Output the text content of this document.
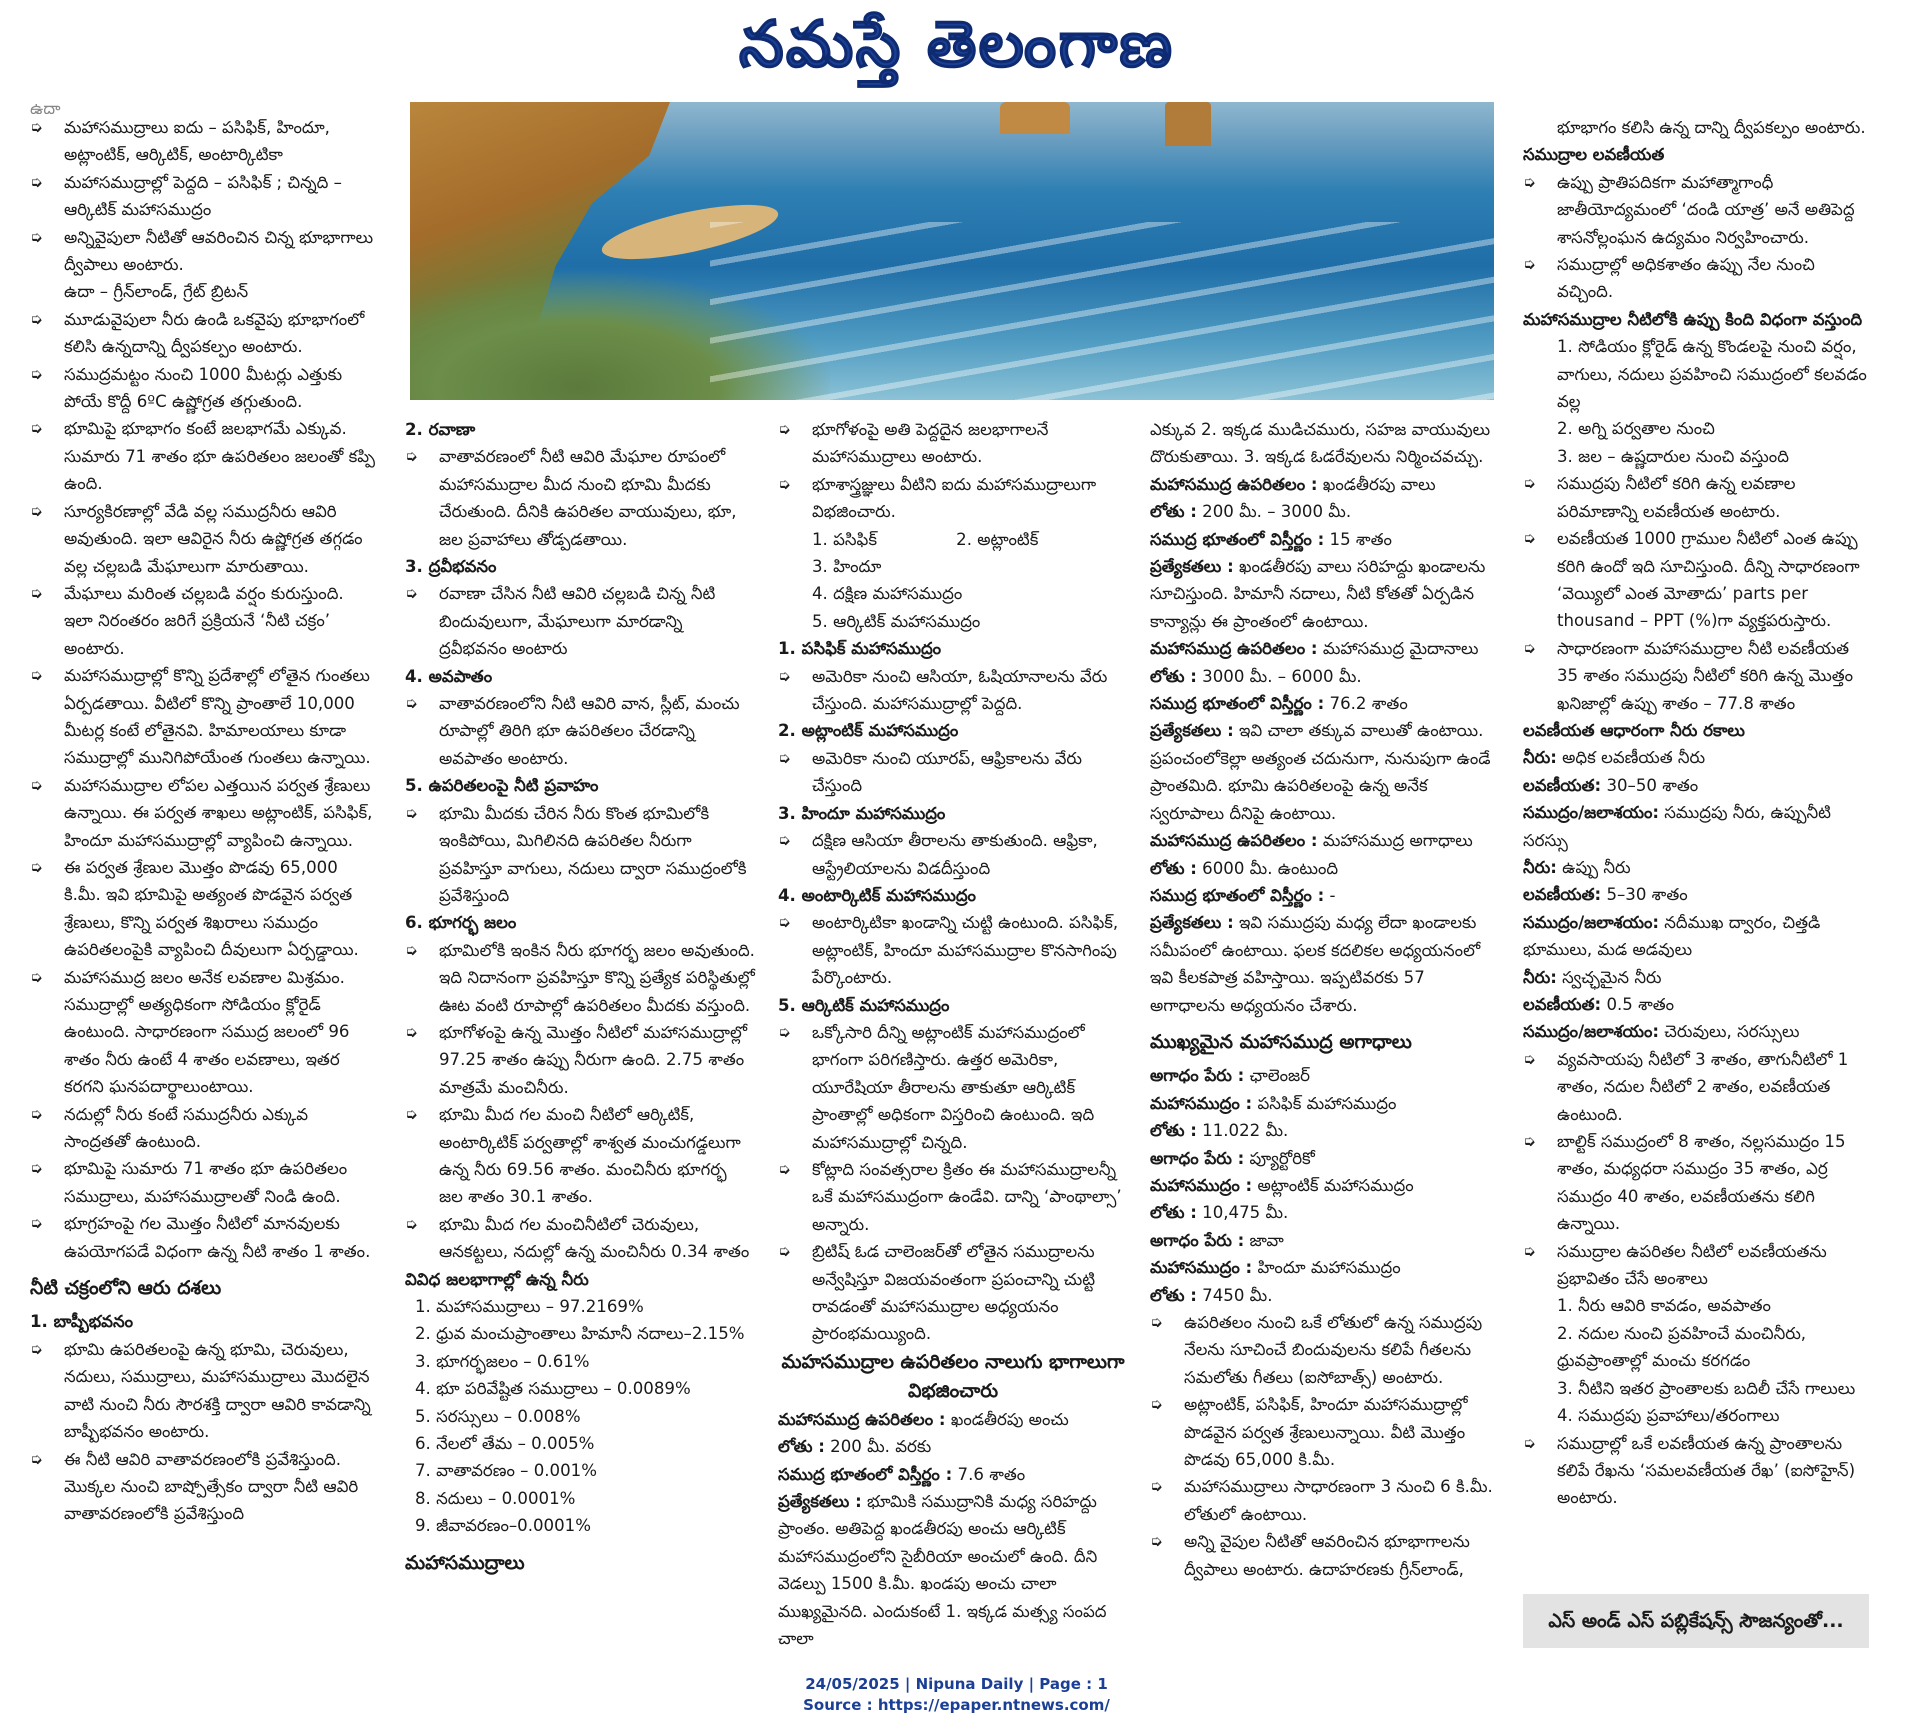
నమస్తే తెలంగాణ

ఉదా

➭ మహాసముద్రాలు ఐదు – పసిఫిక్, హిందూ, అట్లాంటిక్, ఆర్కిటిక్, అంటార్కిటికా

➭ మహాసముద్రాల్లో పెద్దది – పసిఫిక్ ; చిన్నది – ఆర్కిటిక్ మహాసముద్రం

➭ అన్నివైపులా నీటితో ఆవరించిన చిన్న భూభాగాలు ద్వీపాలు అంటారు.

ఉదా – గ్రీన్‌లాండ్, గ్రేట్ బ్రిటన్

➭ మూడువైపులా నీరు ఉండి ఒకవైపు భూభాగంలో కలిసి ఉన్నదాన్ని ద్వీపకల్పం అంటారు.

➭ సముద్రమట్టం నుంచి 1000 మీటర్లు ఎత్తుకు పోయే కొద్దీ 6ºC ఉష్ణోగ్రత తగ్గుతుంది.

➭ భూమిపై భూభాగం కంటే జలభాగమే ఎక్కువ. సుమారు 71 శాతం భూ ఉపరితలం జలంతో కప్పి ఉంది.

➭ సూర్యకిరణాల్లో వేడి వల్ల సముద్రనీరు ఆవిరి అవుతుంది. ఇలా ఆవిరైన నీరు ఉష్ణోగ్రత తగ్గడం వల్ల చల్లబడి మేఘాలుగా మారుతాయి.

➭ మేఘాలు మరింత చల్లబడి వర్షం కురుస్తుంది. ఇలా నిరంతరం జరిగే ప్రక్రియనే ‘నీటి చక్రం’ అంటారు.

➭ మహాసముద్రాల్లో కొన్ని ప్రదేశాల్లో లోతైన గుంతలు ఏర్పడతాయి. వీటిలో కొన్ని ప్రాంతాలే 10,000 మీటర్ల కంటే లోతైనవి. హిమాలయాలు కూడా సముద్రాల్లో మునిగిపోయేంత గుంతలు ఉన్నాయి.

➭ మహాసముద్రాల లోపల ఎత్తయిన పర్వత శ్రేణులు ఉన్నాయి. ఈ పర్వత శాఖలు అట్లాంటిక్, పసిఫిక్, హిందూ మహాసముద్రాల్లో వ్యాపించి ఉన్నాయి.

➭ ఈ పర్వత శ్రేణుల మొత్తం పొడవు 65,000 కి.మీ. ఇవి భూమిపై అత్యంత పొడవైన పర్వత శ్రేణులు, కొన్ని పర్వత శిఖరాలు సముద్రం ఉపరితలంపైకి వ్యాపించి దీవులుగా ఏర్పడ్డాయి.

➭ మహాసముద్ర జలం అనేక లవణాల మిశ్రమం. సముద్రాల్లో అత్యధికంగా సోడియం క్లోరైడ్ ఉంటుంది. సాధారణంగా సముద్ర జలంలో 96 శాతం నీరు ఉంటే 4 శాతం లవణాలు, ఇతర కరగని ఘనపదార్థాలుంటాయి.

➭ నదుల్లో నీరు కంటే సముద్రనీరు ఎక్కువ సాంద్రతతో ఉంటుంది.

➭ భూమిపై సుమారు 71 శాతం భూ ఉపరితలం సముద్రాలు, మహాసముద్రాలతో నిండి ఉంది.

➭ భూగ్రహంపై గల మొత్తం నీటిలో మానవులకు ఉపయోగపడే విధంగా ఉన్న నీటి శాతం 1 శాతం.

నీటి చక్రంలోని ఆరు దశలు

1. బాష్పీభవనం

➭ భూమి ఉపరితలంపై ఉన్న భూమి, చెరువులు, నదులు, సముద్రాలు, మహాసముద్రాలు మొదలైన వాటి నుంచి నీరు సౌరశక్తి ద్వారా ఆవిరి కావడాన్ని బాష్పీభవనం అంటారు.

➭ ఈ నీటి ఆవిరి వాతావరణంలోకి ప్రవేశిస్తుంది. మొక్కల నుంచి బాష్పోత్సేకం ద్వారా నీటి ఆవిరి వాతావరణంలోకి ప్రవేశిస్తుంది

2. రవాణా

➭ వాతావరణంలో నీటి ఆవిరి మేఘాల రూపంలో మహాసముద్రాల మీద నుంచి భూమి మీదకు చేరుతుంది. దీనికి ఉపరితల వాయువులు, భూ, జల ప్రవాహాలు తోడ్పడతాయి.

3. ద్రవీభవనం

➭ రవాణా చేసిన నీటి ఆవిరి చల్లబడి చిన్న నీటి బిందువులుగా, మేఘాలుగా మారడాన్ని ద్రవీభవనం అంటారు

4. అవపాతం

➭ వాతావరణంలోని నీటి ఆవిరి వాన, స్లీట్, మంచు రూపాల్లో తిరిగి భూ ఉపరితలం చేరడాన్ని అవపాతం అంటారు.

5. ఉపరితలంపై నీటి ప్రవాహం

➭ భూమి మీదకు చేరిన నీరు కొంత భూమిలోకి ఇంకిపోయి, మిగిలినది ఉపరితల నీరుగా ప్రవహిస్తూ వాగులు, నదులు ద్వారా సముద్రంలోకి ప్రవేశిస్తుంది

6. భూగర్భ జలం

➭ భూమిలోకి ఇంకిన నీరు భూగర్భ జలం అవుతుంది. ఇది నిదానంగా ప్రవహిస్తూ కొన్ని ప్రత్యేక పరిస్థితుల్లో ఊట వంటి రూపాల్లో ఉపరితలం మీదకు వస్తుంది.

➭ భూగోళంపై ఉన్న మొత్తం నీటిలో మహాసముద్రాల్లో 97.25 శాతం ఉప్పు నీరుగా ఉంది. 2.75 శాతం మాత్రమే మంచినీరు.

➭ భూమి మీద గల మంచి నీటిలో ఆర్కిటిక్, అంటార్కిటిక్ పర్వతాల్లో శాశ్వత మంచుగడ్డలుగా ఉన్న నీరు 69.56 శాతం. మంచినీరు భూగర్భ జల శాతం 30.1 శాతం.

➭ భూమి మీద గల మంచినీటిలో చెరువులు, ఆనకట్టలు, నదుల్లో ఉన్న మంచినీరు 0.34 శాతం

వివిధ జలభాగాల్లో ఉన్న నీరు

1. మహాసముద్రాలు – 97.2169%

2. ధ్రువ మంచుప్రాంతాలు హిమానీ నదాలు–2.15%

3. భూగర్భజలం – 0.61%

4. భూ పరివేష్టిత సముద్రాలు – 0.0089%

5. సరస్సులు – 0.008%

6. నేలలో తేమ – 0.005%

7. వాతావరణం – 0.001%

8. నదులు – 0.0001%

9. జీవావరణం–0.0001%

మహాసముద్రాలు

➭ భూగోళంపై అతి పెద్దదైన జలభాగాలనే మహాసముద్రాలు అంటారు.

➭ భూశాస్త్రజ్ఞులు వీటిని ఐదు మహాసముద్రాలుగా విభజించారు.

1. పసిఫిక్               2. అట్లాంటిక్

3. హిందూ

4. దక్షిణ మహాసముద్రం

5. ఆర్కిటిక్ మహాసముద్రం

1. పసిఫిక్ మహాసముద్రం

➭ అమెరికా నుంచి ఆసియా, ఓషియానాలను వేరు చేస్తుంది. మహాసముద్రాల్లో పెద్దది.

2. అట్లాంటిక్ మహాసముద్రం

➭ అమెరికా నుంచి యూరప్, ఆఫ్రికాలను వేరు చేస్తుంది

3. హిందూ మహాసముద్రం

➭ దక్షిణ ఆసియా తీరాలను తాకుతుంది. ఆఫ్రికా, ఆస్ట్రేలియాలను విడదీస్తుంది

4. అంటార్కిటిక్ మహాసముద్రం

➭ అంటార్కిటికా ఖండాన్ని చుట్టి ఉంటుంది. పసిఫిక్, అట్లాంటిక్, హిందూ మహాసముద్రాల కొనసాగింపు పేర్కొంటారు.

5. ఆర్కిటిక్ మహాసముద్రం

➭ ఒక్కోసారి దీన్ని అట్లాంటిక్ మహాసముద్రంలో భాగంగా పరిగణిస్తారు. ఉత్తర అమెరికా, యూరేషియా తీరాలను తాకుతూ ఆర్కిటిక్ ప్రాంతాల్లో అధికంగా విస్తరించి ఉంటుంది. ఇది మహాసముద్రాల్లో చిన్నది.

➭ కోట్లాది సంవత్సరాల క్రితం ఈ మహాసముద్రాలన్నీ ఒకే మహాసముద్రంగా ఉండేవి. దాన్ని ‘పాంథాల్సా’ అన్నారు.

➭ బ్రిటిష్ ఓడ చాలెంజర్‌తో లోతైన సముద్రాలను అన్వేషిస్తూ విజయవంతంగా ప్రపంచాన్ని చుట్టి రావడంతో మహాసముద్రాల అధ్యయనం ప్రారంభమయ్యింది.

మహసముద్రాల ఉపరితలం నాలుగు భాగాలుగా విభజించారు

మహాసముద్ర ఉపరితలం : ఖండతీరపు అంచు

లోతు : 200 మీ. వరకు

సముద్ర భూతంలో విస్తీర్ణం : 7.6 శాతం

ప్రత్యేకతలు : భూమికి సముద్రానికి మధ్య సరిహద్దు ప్రాంతం. అతిపెద్ద ఖండతీరపు అంచు ఆర్కిటిక్ మహాసముద్రంలోని సైబీరియా అంచులో ఉంది. దీని వెడల్పు 1500 కి.మీ. ఖండపు అంచు చాలా ముఖ్యమైనది. ఎందుకంటే 1. ఇక్కడ మత్స్య సంపద చాలా

ఎక్కువ 2. ఇక్కడ ముడిచమురు, సహజ వాయువులు దొరుకుతాయి. 3. ఇక్కడ ఓడరేవులను నిర్మించవచ్చు.

మహాసముద్ర ఉపరితలం : ఖండతీరపు వాలు

లోతు : 200 మీ. – 3000 మీ.

సముద్ర భూతంలో విస్తీర్ణం : 15 శాతం

ప్రత్యేకతలు : ఖండతీరపు వాలు సరిహద్దు ఖండాలను సూచిస్తుంది. హిమానీ నదాలు, నీటి కోతతో ఏర్పడిన కాన్యాన్లు ఈ ప్రాంతంలో ఉంటాయి.

మహాసముద్ర ఉపరితలం : మహాసముద్ర మైదానాలు

లోతు : 3000 మీ. – 6000 మీ.

సముద్ర భూతంలో విస్తీర్ణం : 76.2 శాతం

ప్రత్యేకతలు : ఇవి చాలా తక్కువ వాలుతో ఉంటాయి. ప్రపంచంలోకెల్లా అత్యంత చదునుగా, నునుపుగా ఉండే ప్రాంతమిది. భూమి ఉపరితలంపై ఉన్న అనేక స్వరూపాలు దీనిపై ఉంటాయి.

మహాసముద్ర ఉపరితలం : మహాసముద్ర అగాధాలు

లోతు : 6000 మీ. ఉంటుంది

సముద్ర భూతంలో విస్తీర్ణం : -

ప్రత్యేకతలు : ఇవి సముద్రపు మధ్య లేదా ఖండాలకు సమీపంలో ఉంటాయి. ఫలక కదలికల అధ్యయనంలో ఇవి కీలకపాత్ర వహిస్తాయి. ఇప్పటివరకు 57 అగాధాలను అధ్యయనం చేశారు.

ముఖ్యమైన మహాసముద్ర అగాధాలు

అగాధం పేరు : ఛాలెంజర్

మహాసముద్రం : పసిఫిక్ మహాసముద్రం

లోతు : 11.022 మీ.

అగాధం పేరు : ప్యూర్టోరికో

మహాసముద్రం : అట్లాంటిక్ మహాసముద్రం

లోతు : 10,475 మీ.

అగాధం పేరు : జావా

మహాసముద్రం : హిందూ మహాసముద్రం

లోతు : 7450 మీ.

➭ ఉపరితలం నుంచి ఒకే లోతులో ఉన్న సముద్రపు నేలను సూచించే బిందువులను కలిపే గీతలను సమలోతు గీతలు (ఐసోబాత్స్) అంటారు.

➭ అట్లాంటిక్, పసిఫిక్, హిందూ మహాసముద్రాల్లో పొడవైన పర్వత శ్రేణులున్నాయి. వీటి మొత్తం పొడవు 65,000 కి.మీ.

➭ మహాసముద్రాలు సాధారణంగా 3 నుంచి 6 కి.మీ. లోతులో ఉంటాయి.

➭ అన్ని వైపుల నీటితో ఆవరించిన భూభాగాలను ద్వీపాలు అంటారు. ఉదాహరణకు గ్రీన్‌లాండ్,

భూభాగం కలిసి ఉన్న దాన్ని ద్వీపకల్పం అంటారు.

సముద్రాల లవణీయత

➭ ఉప్పు ప్రాతిపదికగా మహాత్మాగాంధీ జాతీయోద్యమంలో ‘దండి యాత్ర’ అనే అతిపెద్ద శాసనోల్లంఘన ఉద్యమం నిర్వహించారు.

➭ సముద్రాల్లో అధికశాతం ఉప్పు నేల నుంచి వచ్చింది.

మహాసముద్రాల నీటిలోకి ఉప్పు కింది విధంగా వస్తుంది

1. సోడియం క్లోరైడ్ ఉన్న కొండలపై నుంచి వర్షం, వాగులు, నదులు ప్రవహించి సముద్రంలో కలవడం వల్ల

2. అగ్ని పర్వతాల నుంచి

3. జల – ఉష్ణదారుల నుంచి వస్తుంది

➭ సముద్రపు నీటిలో కరిగి ఉన్న లవణాల పరిమాణాన్ని లవణీయత అంటారు.

➭ లవణీయత 1000 గ్రాముల నీటిలో ఎంత ఉప్పు కరిగి ఉందో ఇది సూచిస్తుంది. దీన్ని సాధారణంగా ‘వెయ్యిలో ఎంత మోతాదు’ parts per thousand – PPT (%)గా వ్యక్తపరుస్తారు.

➭ సాధారణంగా మహాసముద్రాల నీటి లవణీయత 35 శాతం సముద్రపు నీటిలో కరిగి ఉన్న మొత్తం ఖనిజాల్లో ఉప్పు శాతం – 77.8 శాతం

లవణీయత ఆధారంగా నీరు రకాలు

నీరు: అధిక లవణీయత నీరు

లవణీయత: 30–50 శాతం

సముద్రం/జలాశయం: సముద్రపు నీరు, ఉప్పునీటి సరస్సు

నీరు: ఉప్పు నీరు

లవణీయత: 5–30 శాతం

సముద్రం/జలాశయం: నదీముఖ ద్వారం, చిత్తడి భూములు, మడ అడవులు

నీరు: స్వచ్ఛమైన నీరు

లవణీయత: 0.5 శాతం

సముద్రం/జలాశయం: చెరువులు, సరస్సులు

➭ వ్యవసాయపు నీటిలో 3 శాతం, తాగునీటిలో 1 శాతం, నదుల నీటిలో 2 శాతం, లవణీయత ఉంటుంది.

➭ బాల్టిక్ సముద్రంలో 8 శాతం, నల్లసముద్రం 15 శాతం, మధ్యధరా సముద్రం 35 శాతం, ఎర్ర సముద్రం 40 శాతం, లవణీయతను కలిగి ఉన్నాయి.

➭ సముద్రాల ఉపరితల నీటిలో లవణీయతను ప్రభావితం చేసే అంశాలు

1. నీరు ఆవిరి కావడం, అవపాతం

2. నదుల నుంచి ప్రవహించే మంచినీరు, ధ్రువప్రాంతాల్లో మంచు కరగడం

3. నీటిని ఇతర ప్రాంతాలకు బదిలీ చేసే గాలులు

4. సముద్రపు ప్రవాహాలు/తరంగాలు

➭ సముద్రాల్లో ఒకే లవణీయత ఉన్న ప్రాంతాలను కలిపే రేఖను ‘సమలవణీయత రేఖ’ (ఐసోహైన్) అంటారు.

ఎస్ అండ్ ఎస్ పబ్లికేషన్స్ సౌజన్యంతో...
24/05/2025 | Nipuna Daily | Page : 1
Source : https://epaper.ntnews.com/
